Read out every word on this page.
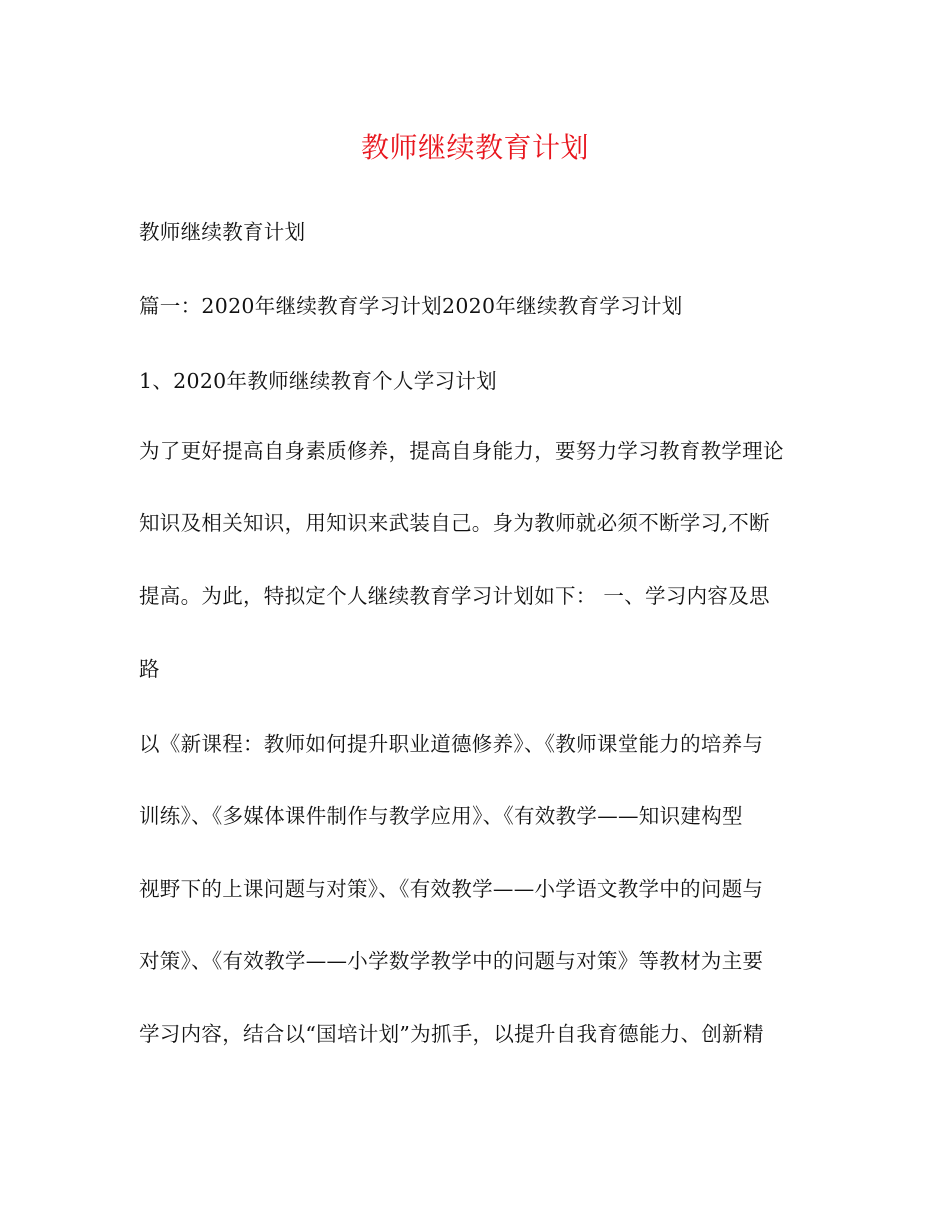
教师继续教育计划
教师继续教育计划
篇一：2020年继续教育学习计划2020年继续教育学习计划
1、2020年教师继续教育个人学习计划
为了更好提高自身素质修养，提高自身能力，要努力学习教育教学理论
知识及相关知识，用知识来武装自己。身为教师就必须不断学习,不断
提高。为此，特拟定个人继续教育学习计划如下： 一、学习内容及思
路
以《新课程：教师如何提升职业道德修养》、《教师课堂能力的培养与
训练》、《多媒体课件制作与教学应用》、《有效教学——知识建构型
视野下的上课问题与对策》、《有效教学——小学语文教学中的问题与
对策》、《有效教学——小学数学教学中的问题与对策》等教材为主要
学习内容，结合以“国培计划”为抓手，以提升自我育德能力、创新精
